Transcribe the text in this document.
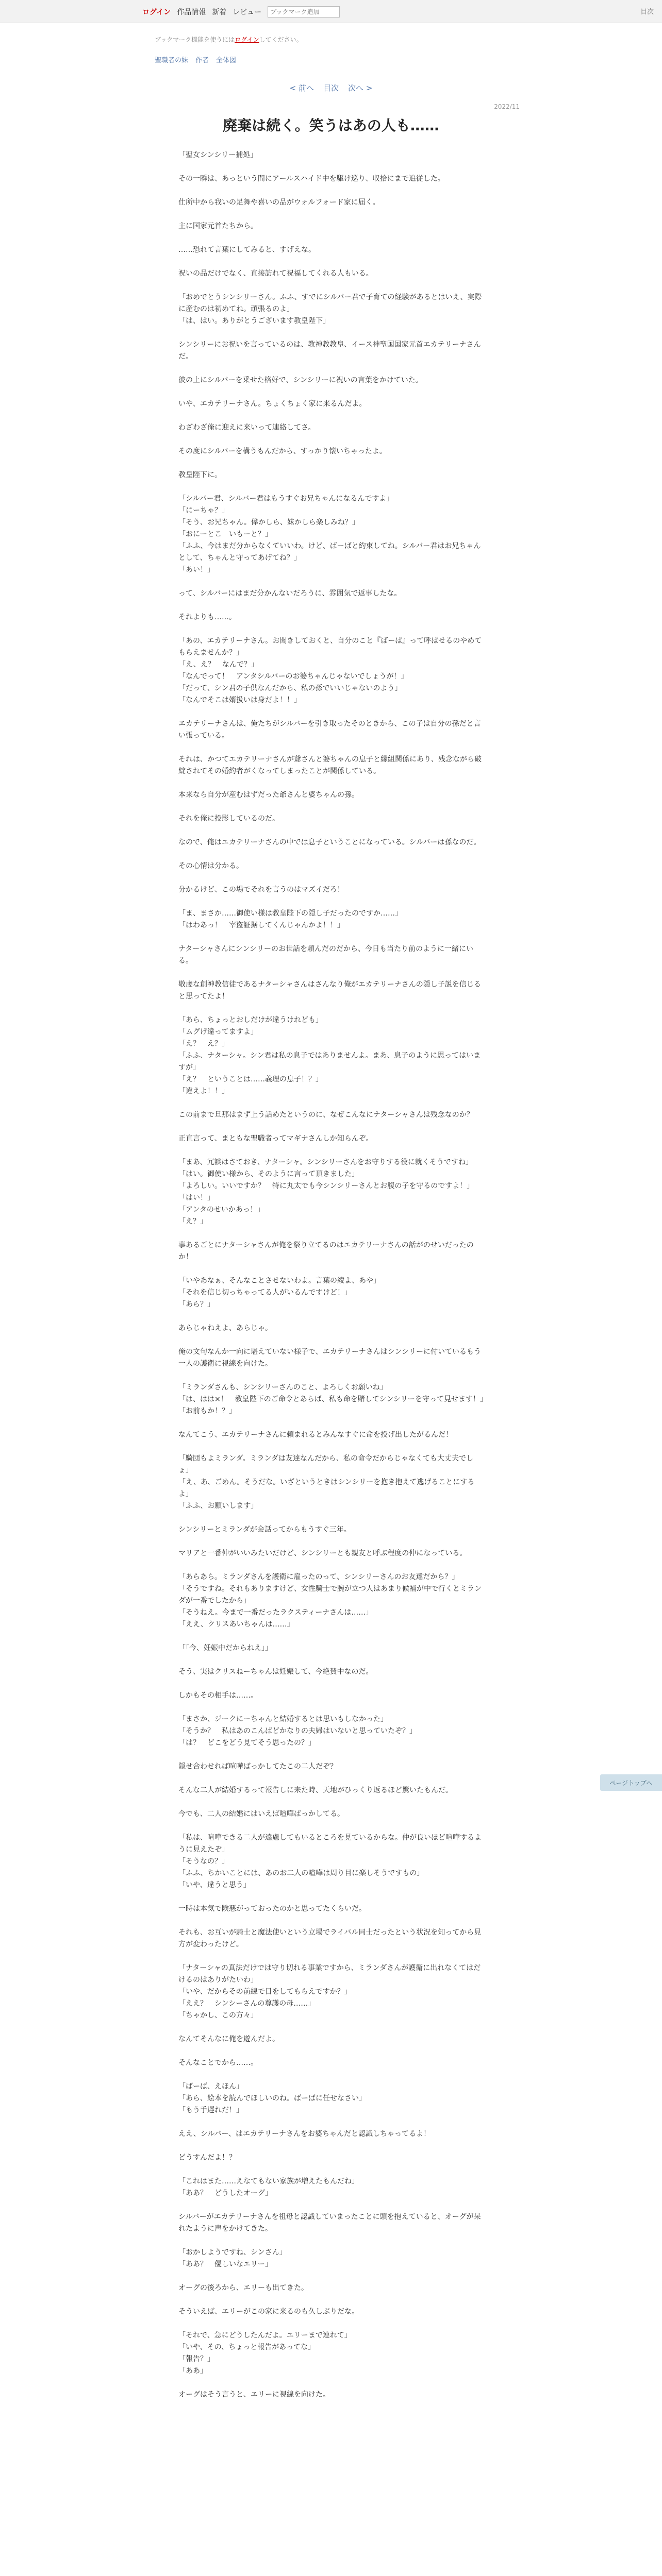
ログイン 作品情報 新着 レビュー
ブックマーク追加	目次
ブックマーク機能を使うにはログインしてください。
聖職者の妹 作者 全体図
< 前へ 目次 次へ >
2022/11
廃棄は続く。笑うはあの人も……

「聖女シンシリー捕処」

その一瞬は、あっという間にアールスハイド中を駆け巡り、収拾にまで追従した。

仕所中から我いの足舞や喜いの品がウォルフォード家に届く。

主に国家元首たちから。

……恐れて言葉にしてみると、すげえな。

祝いの品だけでなく、直接訪れて祝福してくれる人もいる。

「おめでとうシンシリーさん。ふふ、すでにシルバー君で子育ての経験があるとはいえ、実際に産むのは初めてね。頑張るのよ」
「は、はい。ありがとうございます教皇陛下」

シンシリーにお祝いを言っているのは、教神教教皇、イース神聖国国家元首エカテリーナさんだ。

彼の上にシルバーを乗せた格好で、シンシリーに祝いの言葉をかけていた。

いや、エカテリーナさん。ちょくちょく家に来るんだよ。

わざわざ俺に迎えに来いって連絡してさ。

その度にシルバーを構うもんだから、すっかり懐いちゃったよ。

教皇陛下に。

「シルバー君、シルバー君はもうすぐお兄ちゃんになるんですよ」
「にーちゃ？」
「そう、お兄ちゃん。偉かしら、妹かしら楽しみね？」
「おにーとこ　いもーと？」
「ふふ、今はまだ分からなくていいわ。けど、ばーばと約束してね。シルバー君はお兄ちゃんとして、ちゃんと守ってあげてね？」
「あい！」

って、シルバーにはまだ分かんないだろうに、雰囲気で返事したな。

それよりも……。

「あの、エカテリーナさん。お聞きしておくと、自分のこと『ばーば』って呼ばせるのやめてもらえませんか？」
「え、え？　なんで？」
「なんでって！　アンタシルバーのお婆ちゃんじゃないでしょうが！」
「だって、シン君の子供なんだから、私の孫でいいじゃないのよう」
「なんでそこは婿扱いは身だよ！！」

エカテリーナさんは、俺たちがシルバーを引き取ったそのときから、この子は自分の孫だと言い張っている。

それは、かつてエカテリーナさんが爺さんと婆ちゃんの息子と縁組関係にあり、残念ながら破綻されてその婚約者がくなってしまったことが関係している。

本来なら自分が産むはずだった爺さんと婆ちゃんの孫。

それを俺に投影しているのだ。

なので、俺はエカテリーナさんの中では息子ということになっている。シルバーは孫なのだ。

その心情は分かる。

分かるけど、この場でそれを言うのはマズイだろ！

「ま、まさか……御使い様は教皇陛下の隠し子だったのですか……」
「はわあっ！　宰盗証据してくんじゃんかよ！！」

ナターシャさんにシンシリーのお世話を頼んだのだから、今日も当たり前のように一緒にいる。

敬虔な創神教信徒であるナターシャさんはさんなり俺がエカテリーナさんの隠し子説を信じると思ってたよ！

「あら、ちょっとおしだけが違うけれども」
「ムグげ違ってますよ」
「え？　え？」
「ふふ、ナターシャ。シン君は私の息子ではありませんよ。まあ、息子のように思ってはいますが」
「え？　ということは……義理の息子！？」
「違えよ！！」

この前まで旦那はまず上う話めたというのに、なぜこんなにナターシャさんは残念なのか？

正直言って、まともな聖職者ってマギナさんしか知らんぞ。

「まあ、冗談はさておき、ナターシャ。シンシリーさんをお守りする役に就くそうですね」
「はい。御使い様から、そのように言って頂きました」
「よろしい。いいですか？　特に丸太でも今シンシリーさんとお腹の子を守るのですよ！」
「はい！」
「アンタのせいかあっ！」
「え？」

事あるごとにナターシャさんが俺を祭り立てるのはエカテリーナさんの話がのせいだったのか！

「いやあなぁ、そんなことさせないわよ。言葉の綾よ、あや」
「それを信じ切っちゃってる人がいるんですけど！」
「あら？」

あらじゃねえよ、あらじゃ。

俺の文句なんか一向に堪えていない様子で、エカテリーナさんはシンシリーに付いているもう一人の護衛に視線を向けた。

「ミランダさんも、シンシリーさんのこと、よろしくお願いね」
「は、はは×！　教皇陛下のご命令とあらば、私も命を賭してシンシリーを守って見せます！」
「お前もか！？」

なんてこう、エカテリーナさんに頼まれるとみんなすぐに命を投げ出したがるんだ！

「騎団もよミランダ。ミランダは友達なんだから、私の命令だからじゃなくても大丈夫でしょ」
「え、あ、ごめん。そうだな。いざというときはシンシリーを抱き抱えて逃げることにするよ」
「ふふ、お願いします」

シンシリーとミランダが会話ってからもうすぐ三年。

マリアと一番仲がいいみたいだけど、シンシリーとも親友と呼ぶ程度の仲になっている。

「あらあら。ミランダさんを護衛に雇ったのって、シンシリーさんのお友達だから？」
「そうですね。それもありますけど、女性騎士で腕が立つ人はあまり候補が中で行くとミランダが一番でしたから」
「そうねえ。今まで一番だったラクスティーナさんは……」
「ええ、クリスあいちゃんは……」

「「今、妊娠中だからねえ」」

そう、実はクリスねーちゃんは妊娠して、今絶賛中なのだ。

しかもその相手は……。

「まさか、ジークにーちゃんと結婚するとは思いもしなかった」
「そうか？　私はあのこんばどかなりの夫婦はいないと思っていたぞ？」
「は？　どこをどう見てそう思ったの？」

隠せ合わせれば喧嘩ばっかしてたこの二人だぞ？

そんな二人が結婚するって報告しに来た時、天地がひっくり返るほど驚いたもんだ。

今でも、二人の結婚にはいえば喧嘩ばっかしてる。

「私は、喧嘩できる二人が遠慮してもいるところを見ているからな。仲が良いほど喧嘩するように見えたぞ」
「そうなの？」
「ふふ、ちかいことには、あのお二人の喧嘩は周り目に楽しそうですもの」
「いや、違うと思う」

一時は本気で険悪がっておったのかと思ってたくらいだ。

それも、お互いが騎士と魔法使いという立場でライバル同士だったという状況を知ってから見方が変わったけど。

「ナターシャの真法だけでは守り切れる事業ですから、ミランダさんが護衛に出れなくてはだけるのはありがたいわ」
「いや、だからその前線で目をしてもらえですか？」
「ええ？　シンシーさんの尊護の母……」
「ちゃかし、この方々」

なんてそんなに俺を遊んだよ。

そんなことでから……。

「ばーば、えほん」
「あら、絵本を読んでほしいのね。ばーばに任せなさい」
「もう手遅れだ！」

ええ、シルバー、はエカテリーナさんをお婆ちゃんだと認識しちゃってるよ！

どうすんだよ！？

「これはまた……えなてもない家族が増えたもんだね」
「ああ？　どうしたオーグ」

シルバーがエカテリーナさんを祖母と認識していまったことに頭を抱えていると、オーグが呆れたように声をかけてきた。

「おかしようですね、シンさん」
「ああ？　優しいなエリー」

オーグの後ろから、エリーも出てきた。

そういえば、エリーがこの家に来るのも久しぶりだな。

「それで、急にどうしたんだよ。エリーまで連れて」
「いや、その、ちょっと報告があってな」
「報告？」
「ああ」

オーグはそう言うと、エリーに視線を向けた。

ページトップへ
